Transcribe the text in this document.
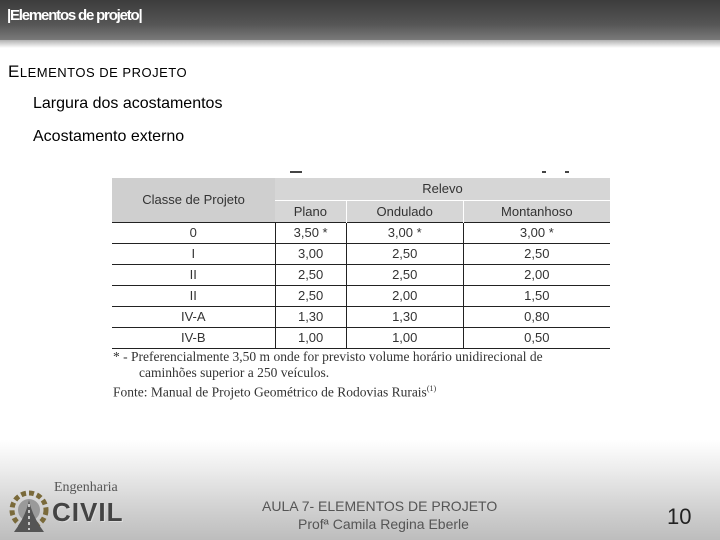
|Elementos de projeto|
ELEMENTOS DE PROJETO
Largura dos acostamentos
Acostamento externo
Classe de Projeto	Relevo		
	Plano	Ondulado	Montanhoso
0	3,50 *	3,00 *	3,00 *
I	3,00	2,50	2,50
II	2,50	2,50	2,00
II	2,50	2,00	1,50
IV-A	1,30	1,30	0,80
IV-B	1,00	1,00	0,50
* - Preferencialmente 3,50 m onde for previsto volume horário unidirecional de
caminhões superior a 250 veículos.
Fonte: Manual de Projeto Geométrico de Rodovias Rurais$^{(1)}$
Engenharia
CIVIL	AULA 7- ELEMENTOS DE PROJETO
Profª Camila Regina Eberle	10
